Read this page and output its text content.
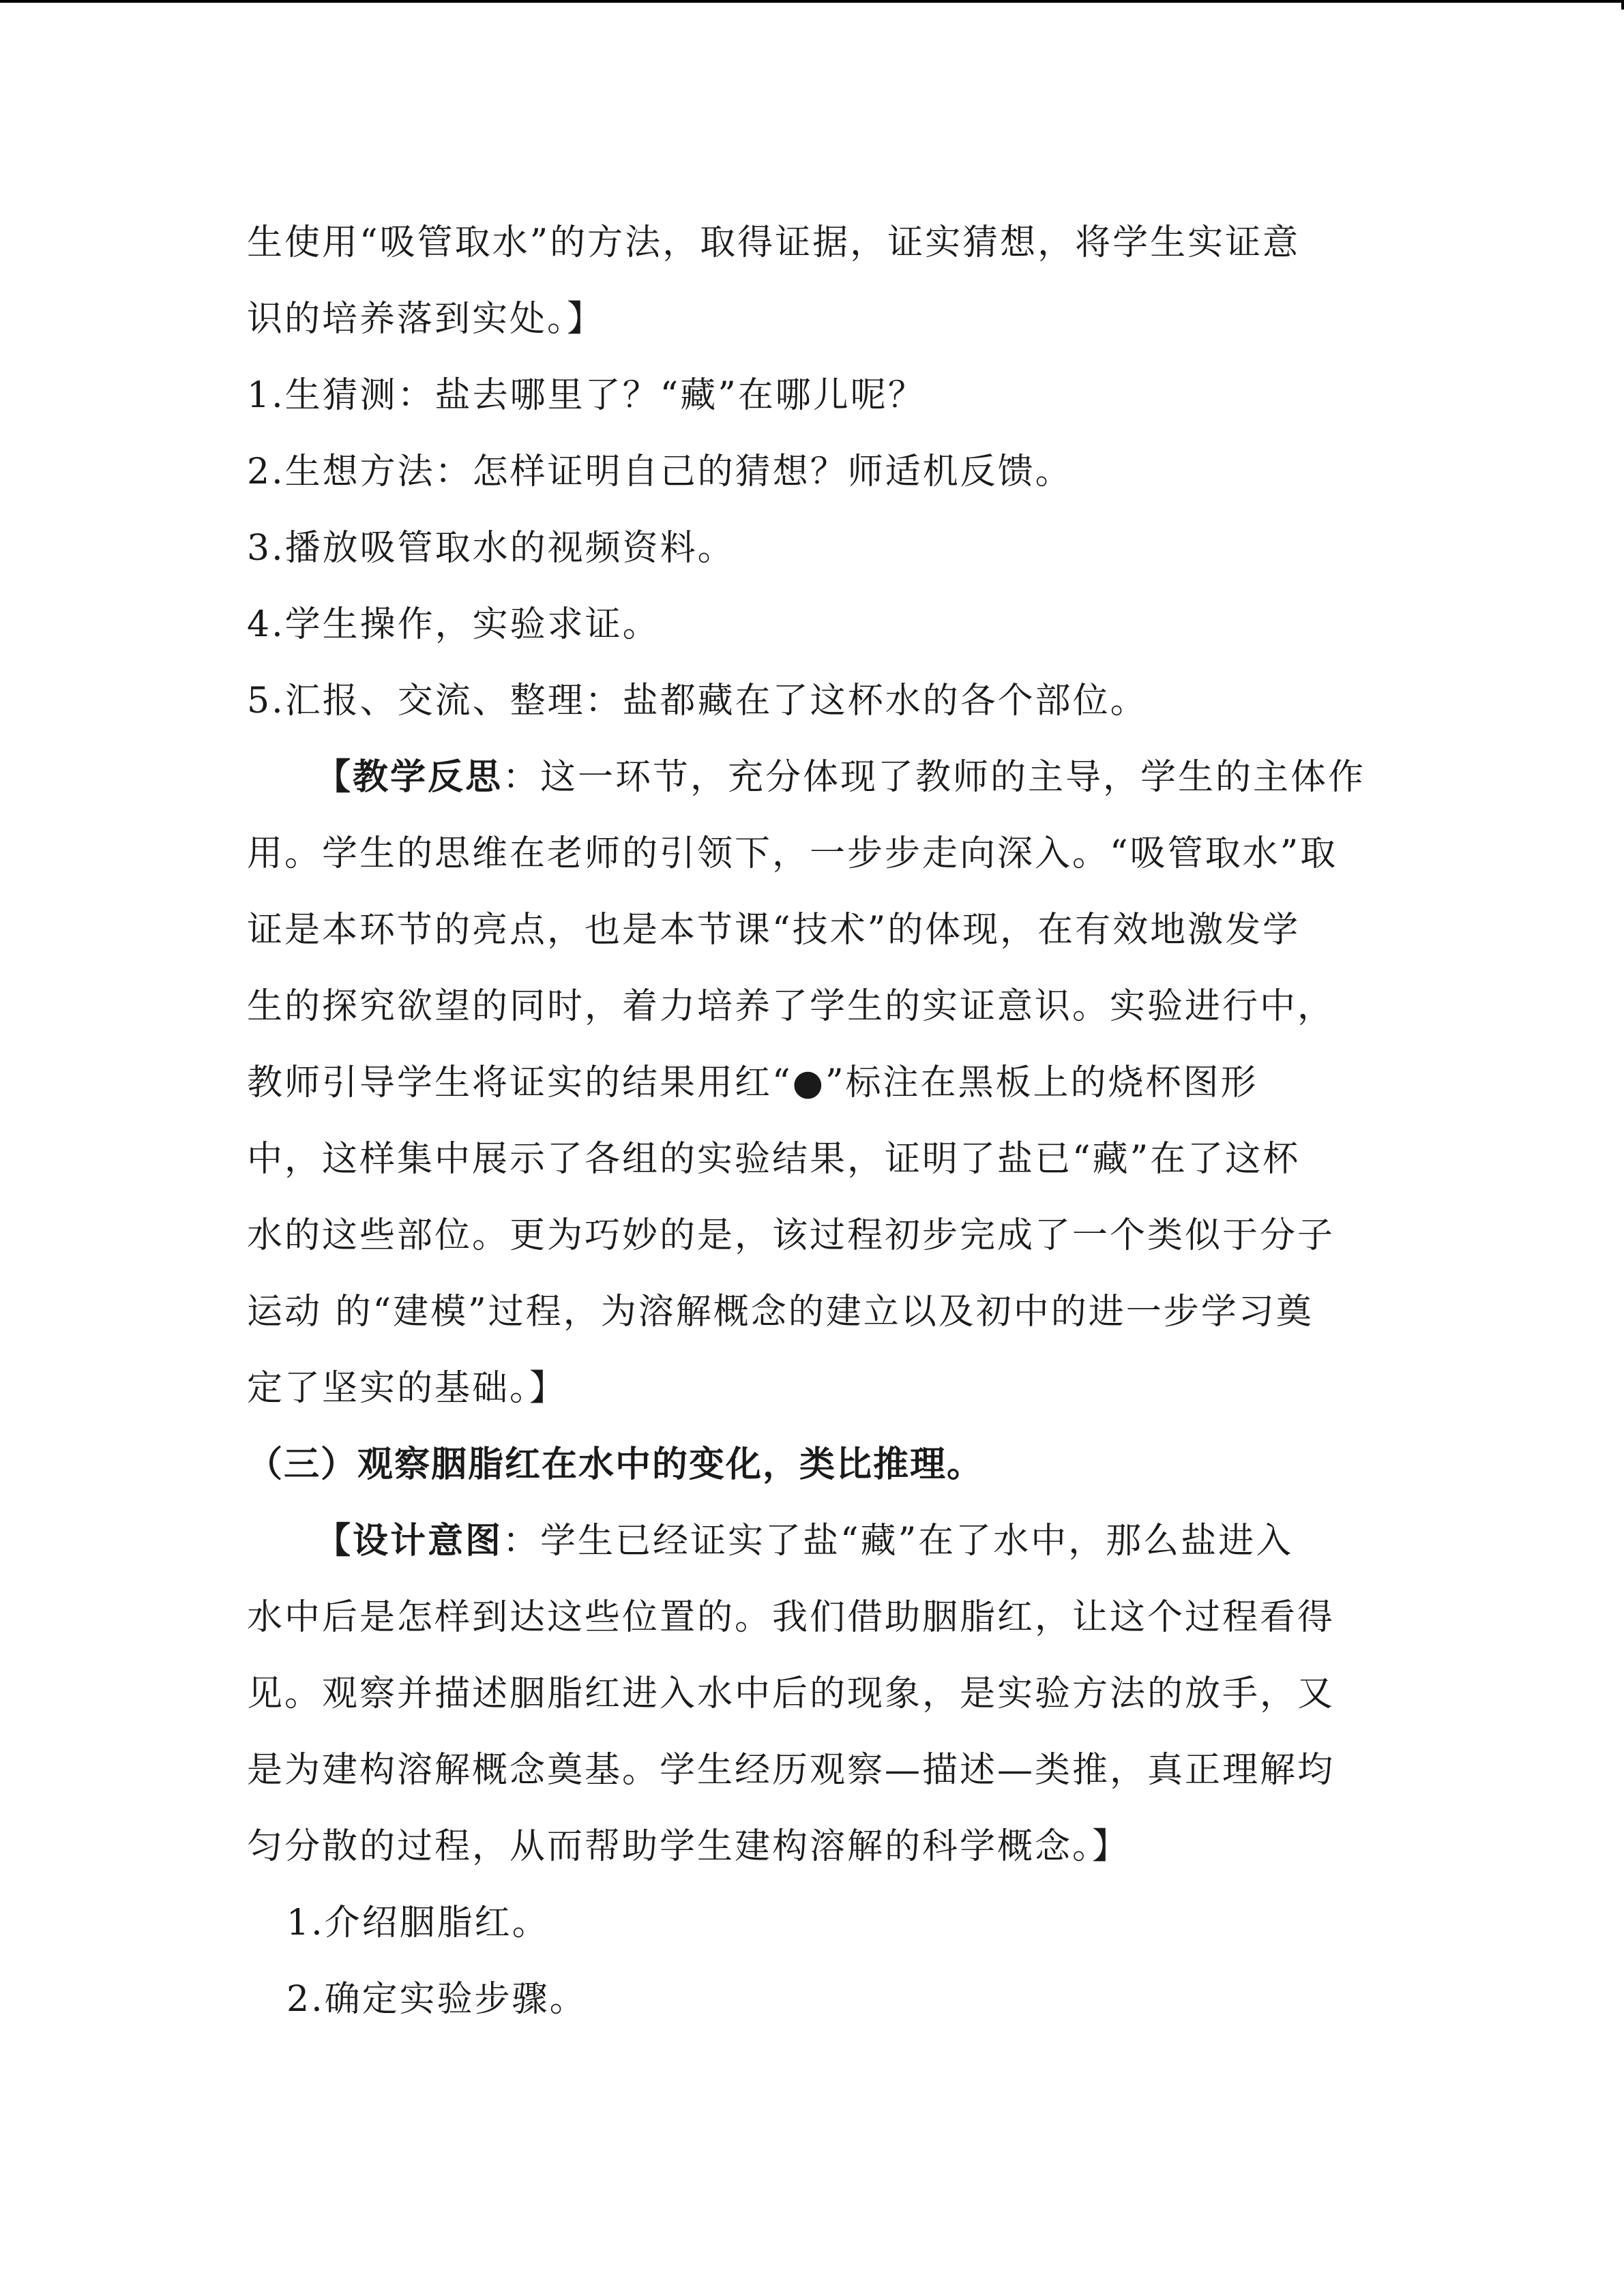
生使用“吸管取水”的方法，取得证据，证实猜想，将学生实证意
识的培养落到实处。】
1.生猜测：盐去哪里了？“藏”在哪儿呢？
2.生想方法：怎样证明自己的猜想？师适机反馈。
3.播放吸管取水的视频资料。
4.学生操作，实验求证。
5.汇报、交流、整理：盐都藏在了这杯水的各个部位。
【教学反思：这一环节，充分体现了教师的主导，学生的主体作
用。学生的思维在老师的引领下，一步步走向深入。“吸管取水”取
证是本环节的亮点，也是本节课“技术”的体现，在有效地激发学
生的探究欲望的同时，着力培养了学生的实证意识。实验进行中，
教师引导学生将证实的结果用红“●”标注在黑板上的烧杯图形
中，这样集中展示了各组的实验结果，证明了盐已“藏”在了这杯
水的这些部位。更为巧妙的是，该过程初步完成了一个类似于分子
运动 的“建模”过程，为溶解概念的建立以及初中的进一步学习奠
定了坚实的基础。】
（三）观察胭脂红在水中的变化，类比推理。
【设计意图：学生已经证实了盐“藏”在了水中，那么盐进入
水中后是怎样到达这些位置的。我们借助胭脂红，让这个过程看得
见。观察并描述胭脂红进入水中后的现象，是实验方法的放手，又
是为建构溶解概念奠基。学生经历观察—描述—类推，真正理解均
匀分散的过程，从而帮助学生建构溶解的科学概念。】
1.介绍胭脂红。
2.确定实验步骤。
